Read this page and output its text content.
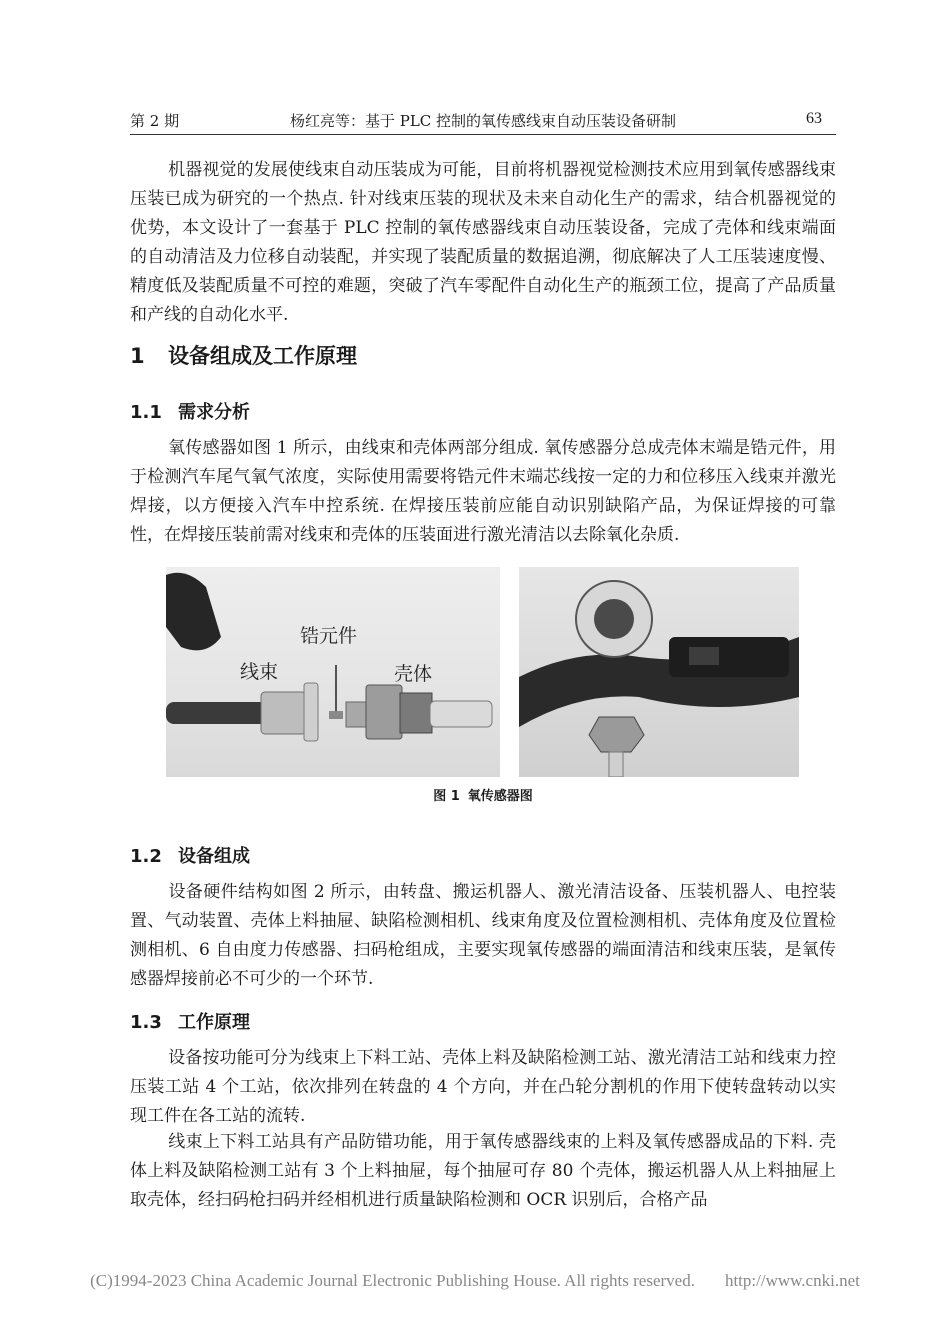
第 2 期	杨红亮等：基于 PLC 控制的氧传感线束自动压装设备研制	63

机器视觉的发展使线束自动压装成为可能，目前将机器视觉检测技术应用到氧传感器线束压装已成为研究的一个热点. 针对线束压装的现状及未来自动化生产的需求，结合机器视觉的优势，本文设计了一套基于 PLC 控制的氧传感器线束自动压装设备，完成了壳体和线束端面的自动清洁及力位移自动装配，并实现了装配质量的数据追溯，彻底解决了人工压装速度慢、精度低及装配质量不可控的难题，突破了汽车零配件自动化生产的瓶颈工位，提高了产品质量和产线的自动化水平.

1 设备组成及工作原理
1.1 需求分析

氧传感器如图 1 所示，由线束和壳体两部分组成. 氧传感器分总成壳体末端是锆元件，用于检测汽车尾气氧气浓度，实际使用需要将锆元件末端芯线按一定的力和位移压入线束并激光焊接，以方便接入汽车中控系统. 在焊接压装前应能自动识别缺陷产品，为保证焊接的可靠性，在焊接压装前需对线束和壳体的压装面进行激光清洁以去除氧化杂质.

锆元件
线束	壳体
图 1 氧传感器图
1.2 设备组成

设备硬件结构如图 2 所示，由转盘、搬运机器人、激光清洁设备、压装机器人、电控装置、气动装置、壳体上料抽屉、缺陷检测相机、线束角度及位置检测相机、壳体角度及位置检测相机、6 自由度力传感器、扫码枪组成，主要实现氧传感器的端面清洁和线束压装，是氧传感器焊接前必不可少的一个环节.

1.3 工作原理

设备按功能可分为线束上下料工站、壳体上料及缺陷检测工站、激光清洁工站和线束力控压装工站 4 个工站，依次排列在转盘的 4 个方向，并在凸轮分割机的作用下使转盘转动以实现工件在各工站的流转.

线束上下料工站具有产品防错功能，用于氧传感器线束的上料及氧传感器成品的下料. 壳体上料及缺陷检测工站有 3 个上料抽屉，每个抽屉可存 80 个壳体，搬运机器人从上料抽屉上取壳体，经扫码枪扫码并经相机进行质量缺陷检测和 OCR 识别后，合格产品

(C)1994-2023 China Academic Journal Electronic Publishing House. All rights reserved. http://www.cnki.net
